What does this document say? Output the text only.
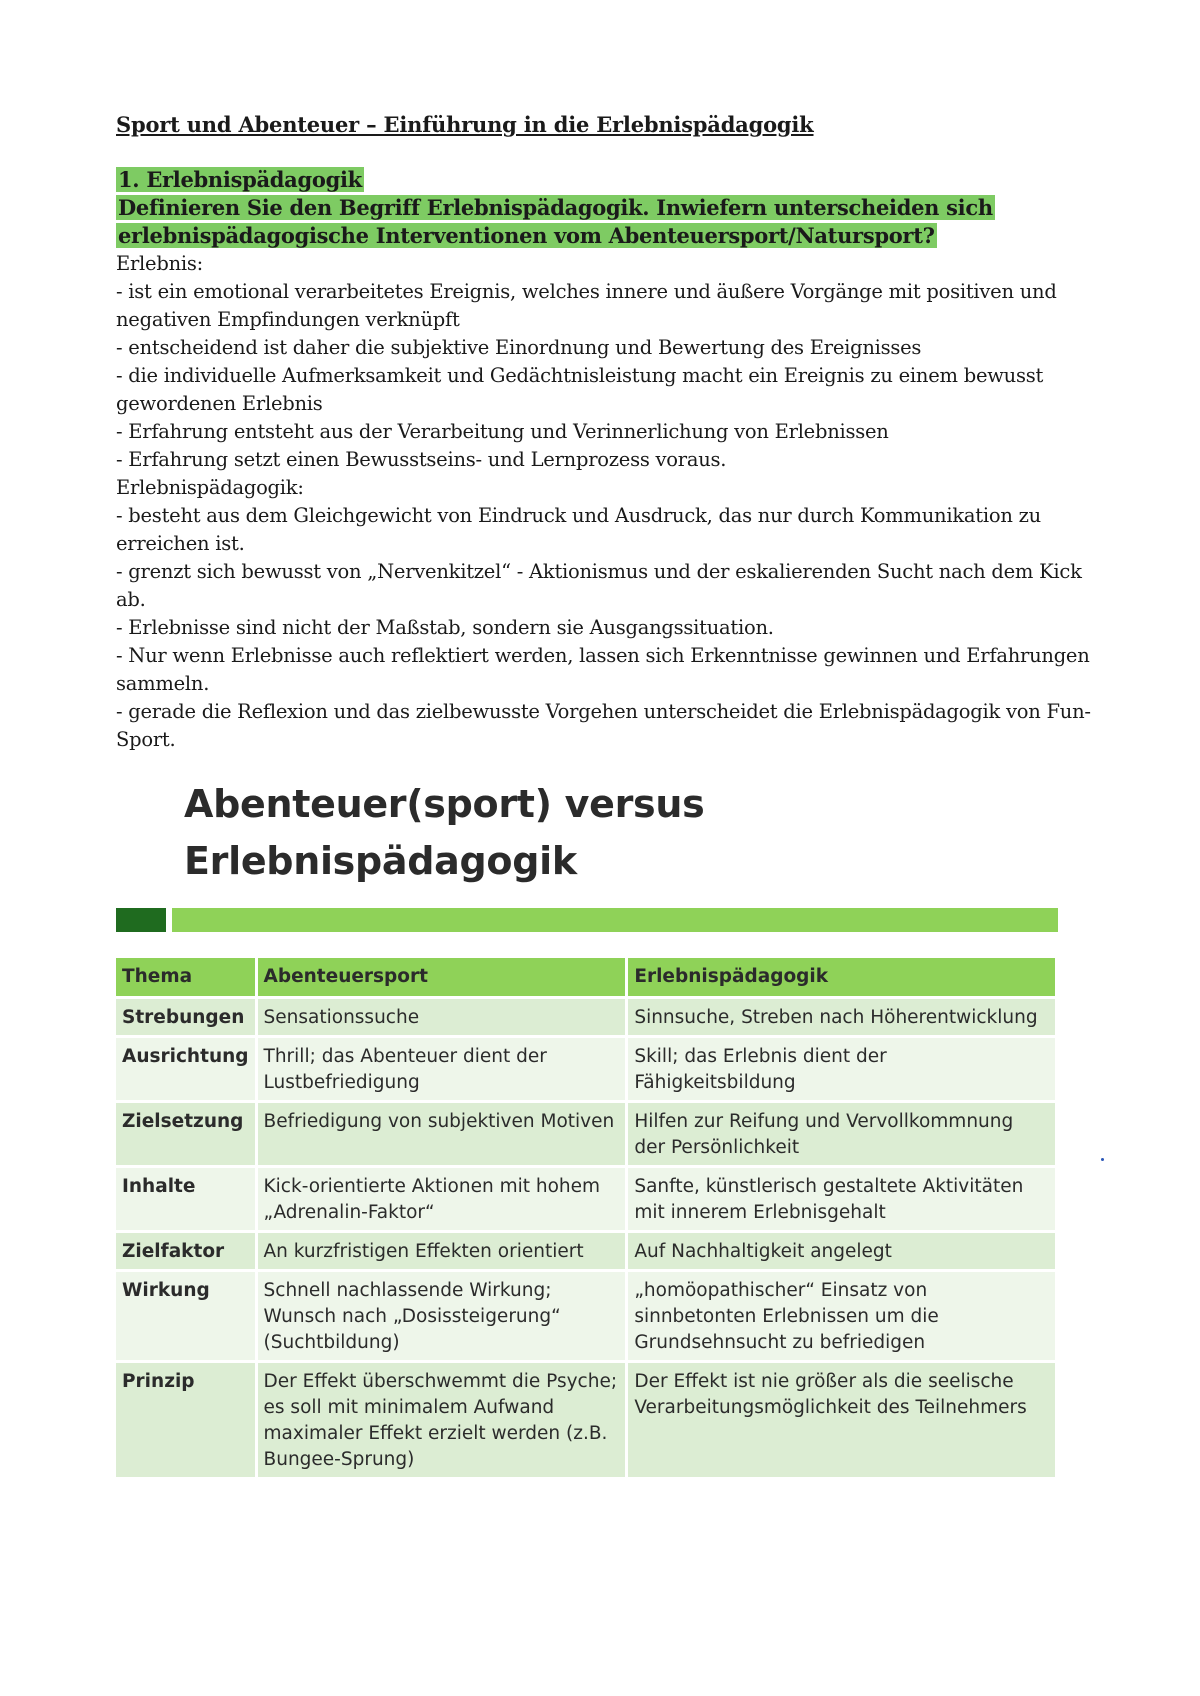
Sport und Abenteuer – Einführung in die Erlebnispädagogik

1. Erlebnispädagogik

Definieren Sie den Begriff Erlebnispädagogik. Inwiefern unterscheiden sich

erlebnispädagogische Interventionen vom Abenteuersport/Natursport?

Erlebnis:

- ist ein emotional verarbeitetes Ereignis, welches innere und äußere Vorgänge mit positiven und negativen Empfindungen verknüpft

- entscheidend ist daher die subjektive Einordnung und Bewertung des Ereignisses

- die individuelle Aufmerksamkeit und Gedächtnisleistung macht ein Ereignis zu einem bewusst gewordenen Erlebnis

- Erfahrung entsteht aus der Verarbeitung und Verinnerlichung von Erlebnissen

- Erfahrung setzt einen Bewusstseins- und Lernprozess voraus.

Erlebnispädagogik:

- besteht aus dem Gleichgewicht von Eindruck und Ausdruck, das nur durch Kommunikation zu erreichen ist.

- grenzt sich bewusst von „Nervenkitzel“ - Aktionismus und der eskalierenden Sucht nach dem Kick ab.

- Erlebnisse sind nicht der Maßstab, sondern sie Ausgangssituation.

- Nur wenn Erlebnisse auch reflektiert werden, lassen sich Erkenntnisse gewinnen und Erfahrungen sammeln.

- gerade die Reflexion und das zielbewusste Vorgehen unterscheidet die Erlebnispädagogik von Fun-Sport.

Abenteuer(sport) versus
Erlebnispädagogik
Thema	Abenteuersport	Erlebnispädagogik
Strebungen	Sensationssuche	Sinnsuche, Streben nach Höherentwicklung
Ausrichtung	Thrill; das Abenteuer dient der Lustbefriedigung	Skill; das Erlebnis dient der Fähigkeitsbildung
Zielsetzung	Befriedigung von subjektiven Motiven	Hilfen zur Reifung und Vervollkommnung der Persönlichkeit
Inhalte	Kick-orientierte Aktionen mit hohem „Adrenalin-Faktor“	Sanfte, künstlerisch gestaltete Aktivitäten mit innerem Erlebnisgehalt
Zielfaktor	An kurzfristigen Effekten orientiert	Auf Nachhaltigkeit angelegt
Wirkung	Schnell nachlassende Wirkung; Wunsch nach „Dosissteigerung“ (Suchtbildung)	„homöopathischer“ Einsatz von sinnbetonten Erlebnissen um die Grundsehnsucht zu befriedigen
Prinzip	Der Effekt überschwemmt die Psyche; es soll mit minimalem Aufwand maximaler Effekt erzielt werden (z.B. Bungee-Sprung)	Der Effekt ist nie größer als die seelische Verarbeitungsmöglichkeit des Teilnehmers
